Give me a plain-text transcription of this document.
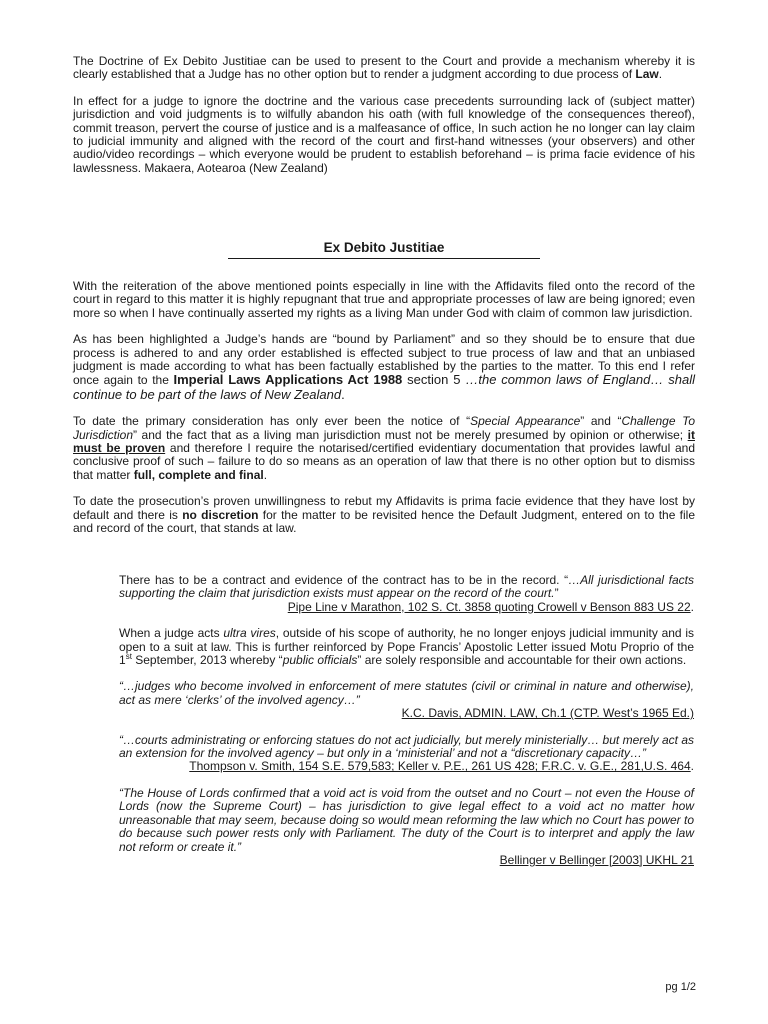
The Doctrine of Ex Debito Justitiae can be used to present to the Court and provide a mechanism whereby it is clearly established that a Judge has no other option but to render a judgment according to due process of Law.

In effect for a judge to ignore the doctrine and the various case precedents surrounding lack of (subject matter) jurisdiction and void judgments is to wilfully abandon his oath (with full knowledge of the consequences thereof), commit treason, pervert the course of justice and is a malfeasance of office, In such action he no longer can lay claim to judicial immunity and aligned with the record of the court and first-hand witnesses (your observers) and other audio/video recordings – which everyone would be prudent to establish beforehand – is prima facie evidence of his lawlessness. Makaera, Aotearoa (New Zealand)

Ex Debito Justitiae

With the reiteration of the above mentioned points especially in line with the Affidavits filed onto the record of the court in regard to this matter it is highly repugnant that true and appropriate processes of law are being ignored; even more so when I have continually asserted my rights as a living Man under God with claim of common law jurisdiction.

As has been highlighted a Judge’s hands are “bound by Parliament” and so they should be to ensure that due process is adhered to and any order established is effected subject to true process of law and that an unbiased judgment is made according to what has been factually established by the parties to the matter. To this end I refer once again to the Imperial Laws Applications Act 1988 section 5 …the common laws of England… shall continue to be part of the laws of New Zealand.

To date the primary consideration has only ever been the notice of “Special Appearance” and “Challenge To Jurisdiction” and the fact that as a living man jurisdiction must not be merely presumed by opinion or otherwise; it must be proven and therefore I require the notarised/certified evidentiary documentation that provides lawful and conclusive proof of such – failure to do so means as an operation of law that there is no other option but to dismiss that matter full, complete and final.

To date the prosecution’s proven unwillingness to rebut my Affidavits is prima facie evidence that they have lost by default and there is no discretion for the matter to be revisited hence the Default Judgment, entered on to the file and record of the court, that stands at law.

There has to be a contract and evidence of the contract has to be in the record. “…All jurisdictional facts supporting the claim that jurisdiction exists must appear on the record of the court.”

Pipe Line v Marathon, 102 S. Ct. 3858 quoting Crowell v Benson 883 US 22.

When a judge acts ultra vires, outside of his scope of authority, he no longer enjoys judicial immunity and is open to a suit at law. This is further reinforced by Pope Francis’ Apostolic Letter issued Motu Proprio of the 1st September, 2013 whereby “public officials” are solely responsible and accountable for their own actions.

“…judges who become involved in enforcement of mere statutes (civil or criminal in nature and otherwise), act as mere ‘clerks’ of the involved agency…”

K.C. Davis, ADMIN. LAW, Ch.1 (CTP. West’s 1965 Ed.)

“…courts administrating or enforcing statues do not act judicially, but merely ministerially… but merely act as an extension for the involved agency – but only in a ‘ministerial’ and not a “discretionary capacity…”

Thompson v. Smith, 154 S.E. 579,583; Keller v. P.E., 261 US 428; F.R.C. v. G.E., 281,U.S. 464.

“The House of Lords confirmed that a void act is void from the outset and no Court – not even the House of Lords (now the Supreme Court) – has jurisdiction to give legal effect to a void act no matter how unreasonable that may seem, because doing so would mean reforming the law which no Court has power to do because such power rests only with Parliament. The duty of the Court is to interpret and apply the law not reform or create it.”

Bellinger v Bellinger [2003] UKHL 21

pg 1/2
